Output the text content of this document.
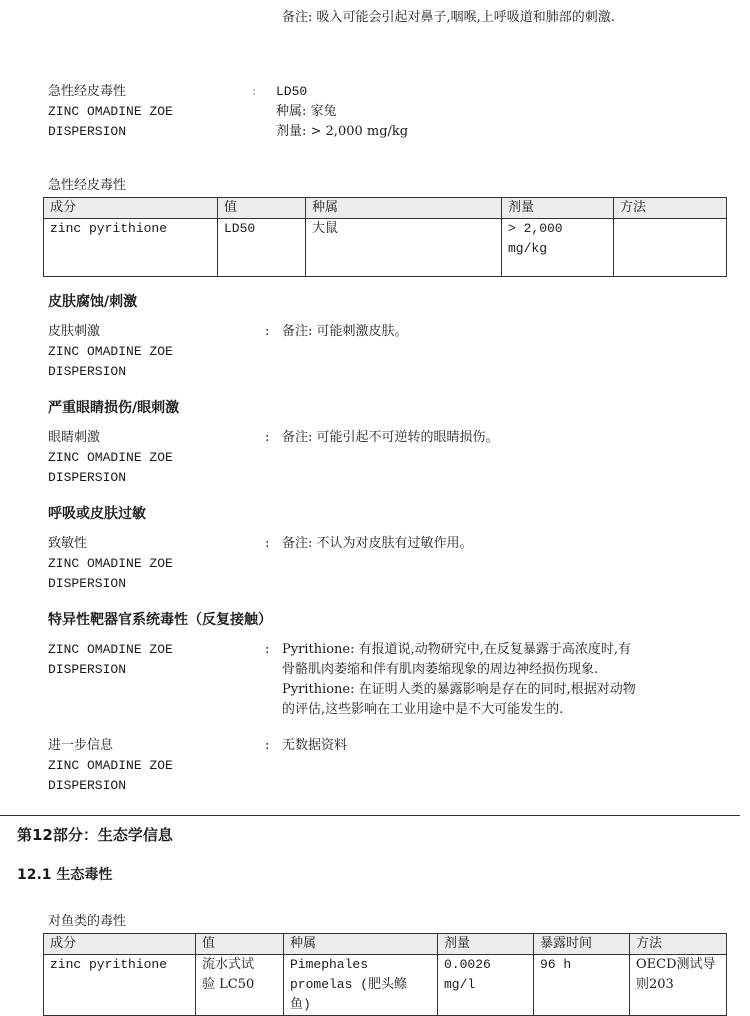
备注: 吸入可能会引起对鼻子,咽喉,上呼吸道和肺部的刺激.
急性经皮毒性
ZINC OMADINE ZOE
DISPERSION
: LD50
种属: 家兔
剂量: > 2,000 mg/kg
急性经皮毒性
成分	值	种属	剂量	方法
zinc pyrithione	LD50	大鼠	> 2,000
mg/kg	
皮肤腐蚀/刺激
皮肤刺激
ZINC OMADINE ZOE
DISPERSION
: 备注: 可能刺激皮肤。
严重眼睛损伤/眼刺激
眼睛刺激
ZINC OMADINE ZOE
DISPERSION
: 备注: 可能引起不可逆转的眼睛损伤。
呼吸或皮肤过敏
致敏性
ZINC OMADINE ZOE
DISPERSION
: 备注: 不认为对皮肤有过敏作用。
特异性靶器官系统毒性（反复接触）
ZINC OMADINE ZOE
DISPERSION
: Pyrithione: 有报道说,动物研究中,在反复暴露于高浓度时,有
骨骼肌肉萎缩和伴有肌肉萎缩现象的周边神经损伤现象.
Pyrithione: 在证明人类的暴露影响是存在的同时,根据对动物
的评估,这些影响在工业用途中是不大可能发生的.
进一步信息
ZINC OMADINE ZOE
DISPERSION
: 无数据资料
第12部分：生态学信息
12.1 生态毒性
对鱼类的毒性
成分	值	种属	剂量	暴露时间	方法
zinc pyrithione	流水式试
验 LC50	Pimephales
promelas (肥头鲦
鱼)	0.0026
mg/l	96 h	OECD测试导
则203
